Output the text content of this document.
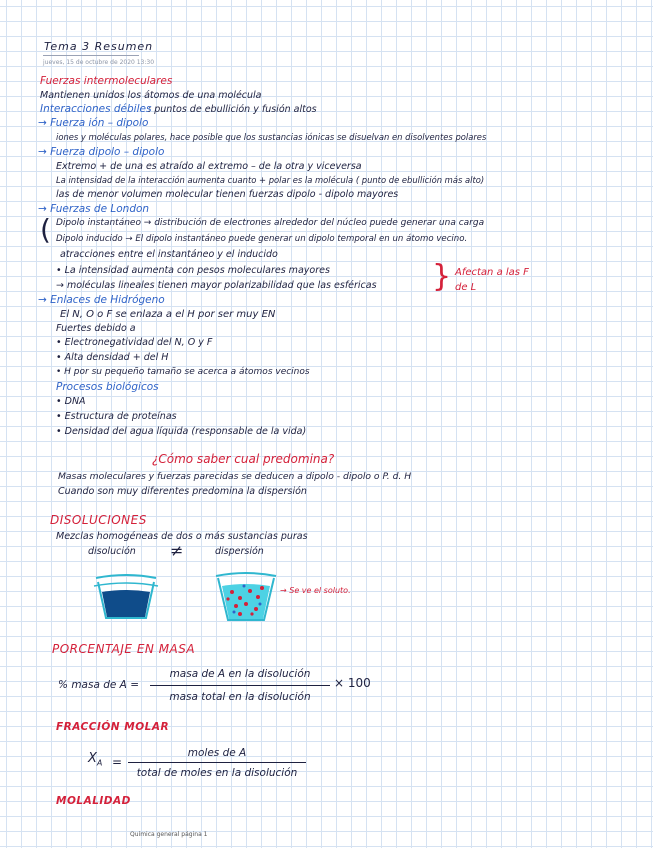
Tema 3 Resumen
jueves, 15 de octubre de 2020 13:30
Fuerzas intermoleculares
Mantienen unidos los átomos de una molécula
Interacciones débiles
: puntos de ebullición y fusión altos
→ Fuerza ión – dipolo
iones y moléculas polares, hace posible que los sustancias iónicas se disuelvan en disolventes polares
→ Fuerza dipolo – dipolo
Extremo + de una es atraído al extremo – de la otra y viceversa
La intensidad de la interacción aumenta cuanto + polar es la molécula ( punto de ebullición más alto)
las de menor volumen molecular tienen fuerzas dipolo - dipolo mayores
→ Fuerzas de London
( Dipolo instantáneo → distribución de electrones alrededor del núcleo puede generar una carga
Dipolo inducido → El dipolo instantáneo puede generar un dipolo temporal en un átomo vecino.
atracciones entre el instantáneo y el inducido
• La intensidad aumenta con pesos moleculares mayores
→ moléculas lineales tienen mayor polarizabilidad que las esféricas } Afectan a las F de L
→ Enlaces de Hidrógeno
El N, O o F se enlaza a el H por ser muy EN
Fuertes debido a
• Electronegatividad del N, O y F
• Alta densidad + del H
• H por su pequeño tamaño se acerca a átomos vecinos
Procesos biológicos
• DNA
• Estructura de proteínas
• Densidad del agua líquida (responsable de la vida)
¿Cómo saber cual predomina?
Masas moleculares y fuerzas parecidas se deducen a dipolo - dipolo o P. d. H
Cuando son muy diferentes predomina la dispersión
DISOLUCIONES
Mezclas homogéneas de dos o más sustancias puras
disolución ≠	dispersión
→ Se ve el soluto.
PORCENTAJE EN MASA
% masa de A =
masa de A en la disolución
masa total en la disolución
× 100
FRACCIÓN MOLAR
$X_A$ =
moles de A
total de moles en la disolución
MOLALIDAD
Química general página 1
